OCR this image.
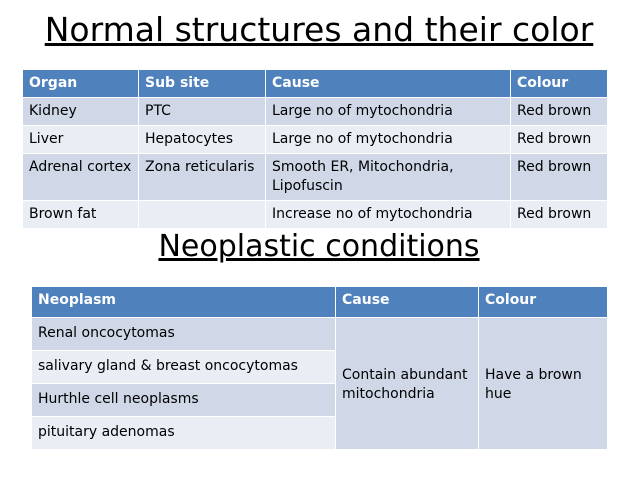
Normal structures and their color
Organ	Sub site	Cause	Colour
Kidney	PTC	Large no of mytochondria	Red brown
Liver	Hepatocytes	Large no of mytochondria	Red brown
Adrenal cortex	Zona reticularis	Smooth ER, Mitochondria, Lipofuscin	Red brown
Brown fat		Increase no of mytochondria	Red brown
Neoplastic conditions
Neoplasm	Cause	Colour
Renal oncocytomas	Contain abundant mitochondria	Have a brown hue
salivary gland & breast oncocytomas		
Hurthle cell neoplasms		
pituitary adenomas		
